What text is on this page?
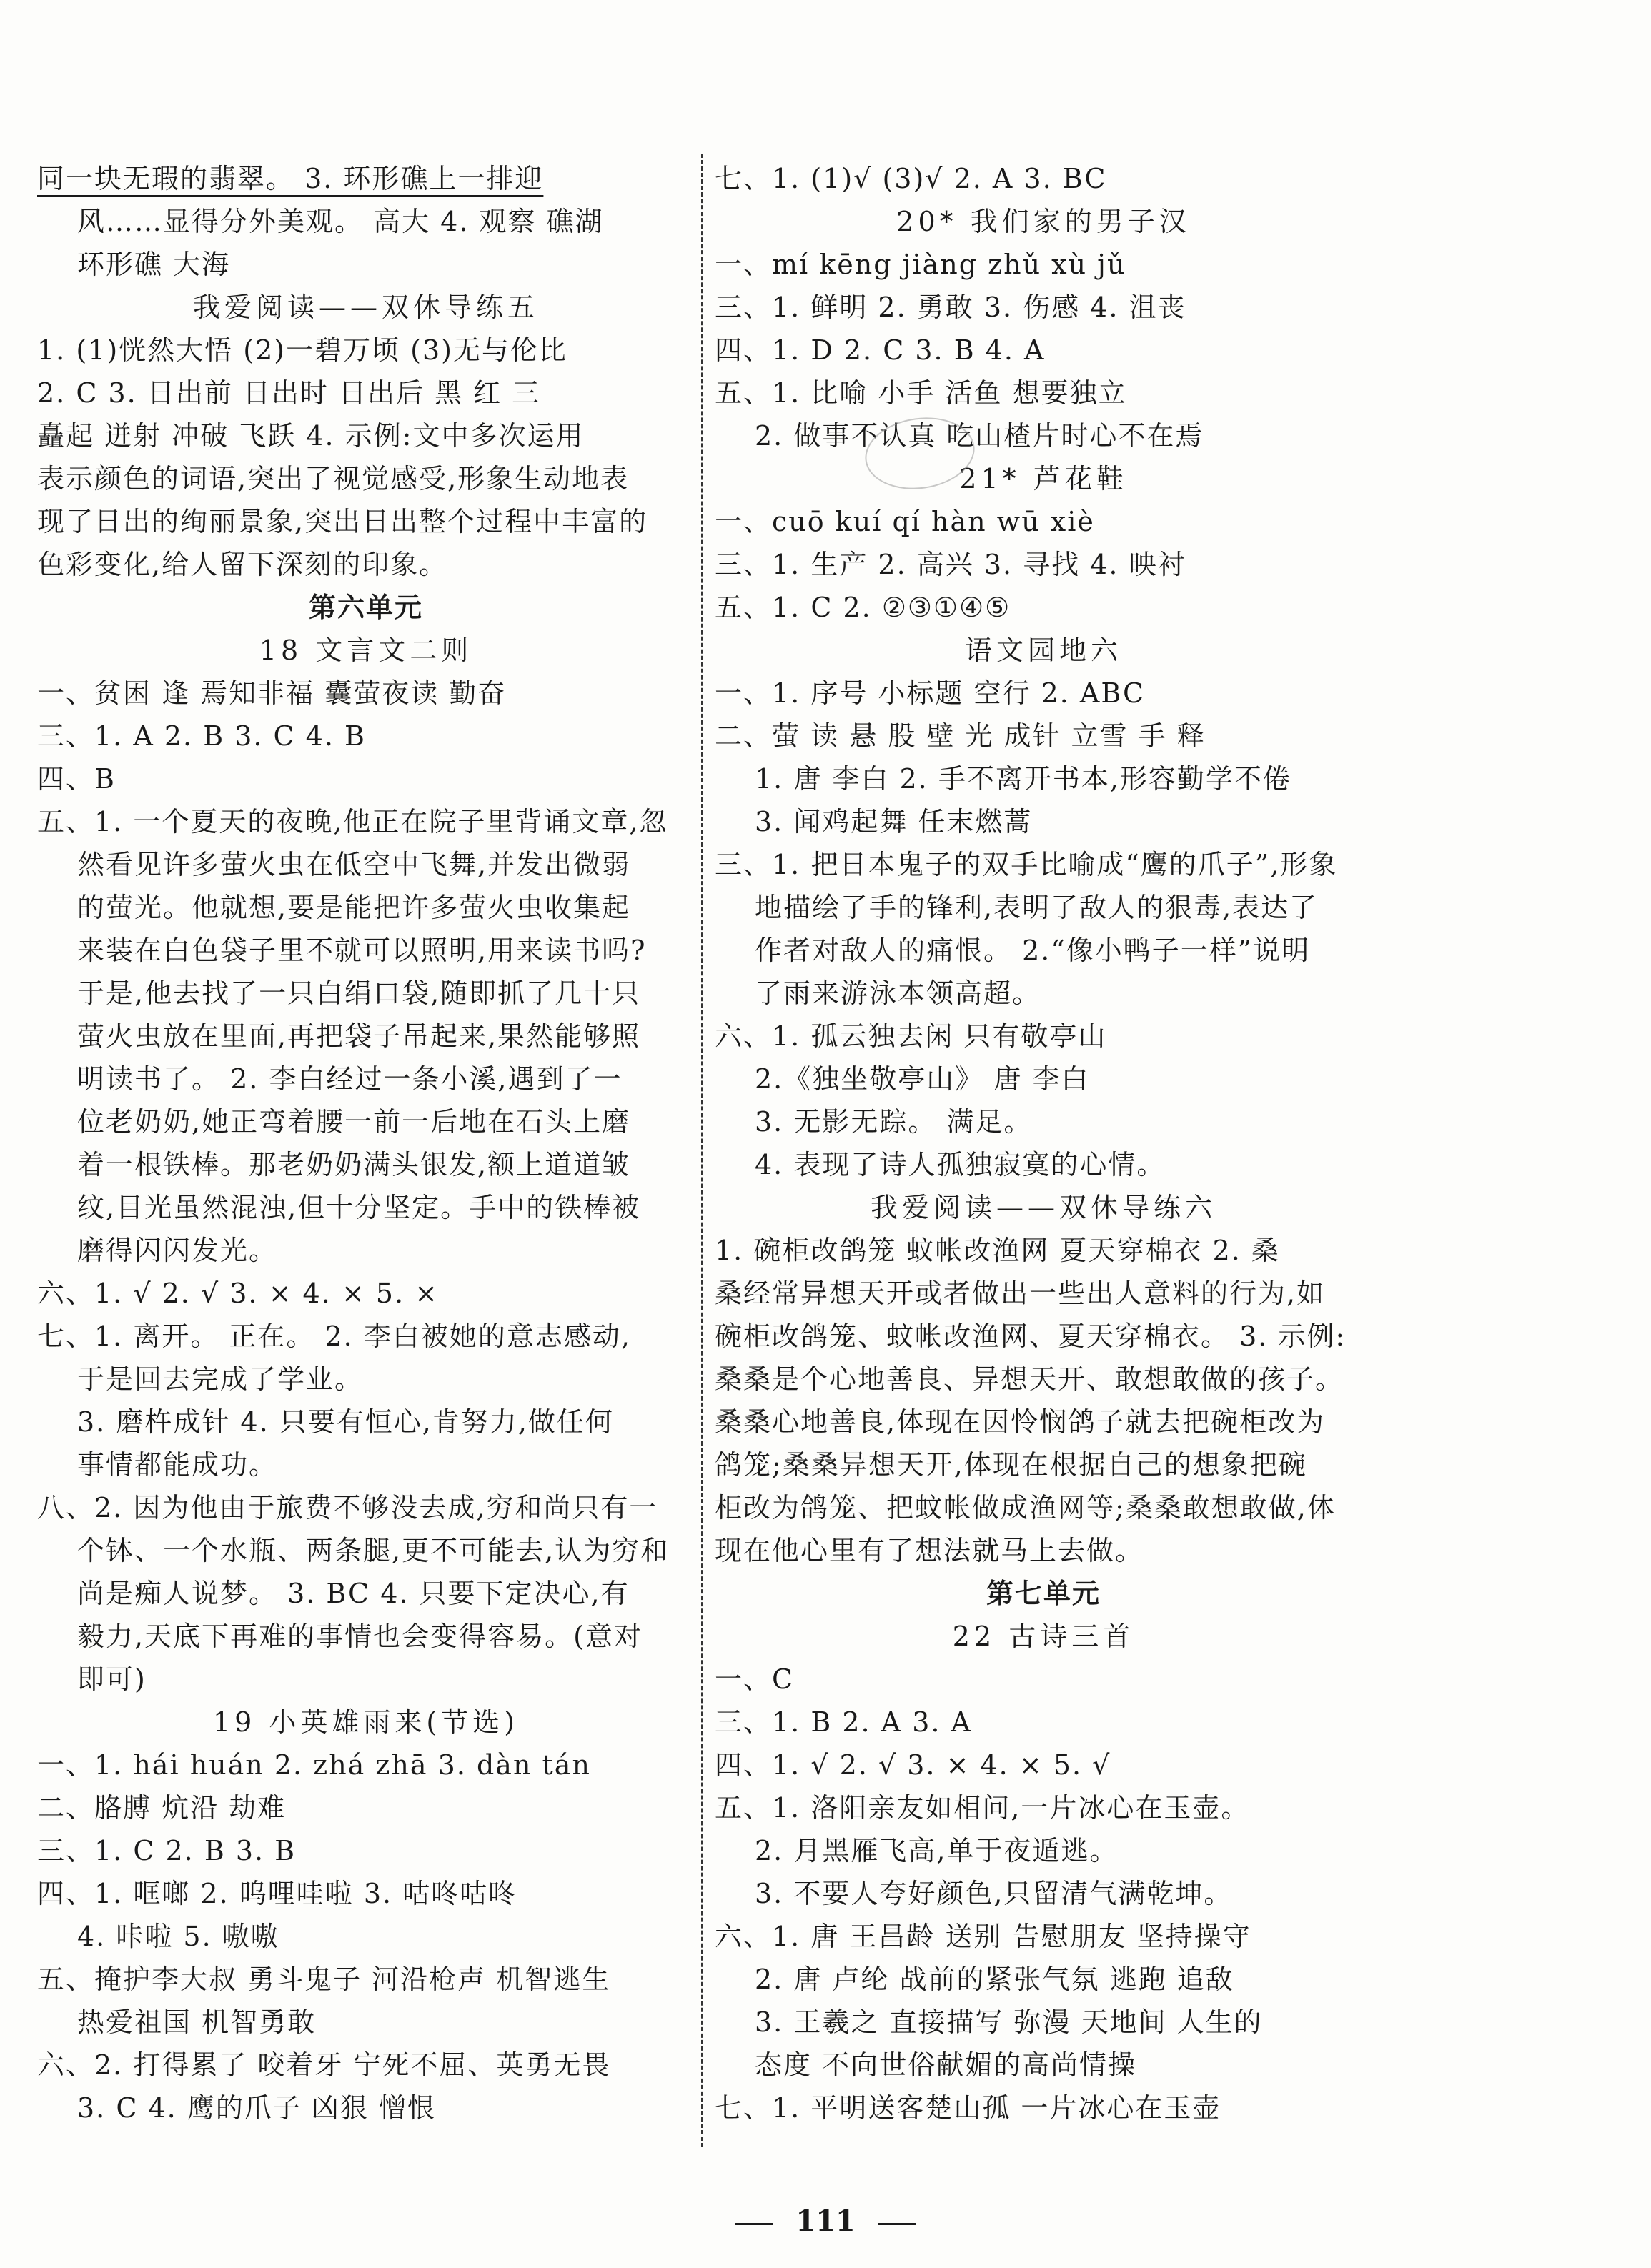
同一块无瑕的翡翠。 3. 环形礁上一排迎
风……显得分外美观。 高大 4. 观察 礁湖
环形礁 大海
我爱阅读——双休导练五
1. (1)恍然大悟 (2)一碧万顷 (3)无与伦比
2. C 3. 日出前 日出时 日出后 黑 红 三
矗起 迸射 冲破 飞跃 4. 示例:文中多次运用
表示颜色的词语,突出了视觉感受,形象生动地表
现了日出的绚丽景象,突出日出整个过程中丰富的
色彩变化,给人留下深刻的印象。
第六单元
18 文言文二则
一、贫困 逢 焉知非福 囊萤夜读 勤奋
三、1. A 2. B 3. C 4. B
四、B
五、1. 一个夏天的夜晚,他正在院子里背诵文章,忽
然看见许多萤火虫在低空中飞舞,并发出微弱
的萤光。他就想,要是能把许多萤火虫收集起
来装在白色袋子里不就可以照明,用来读书吗?
于是,他去找了一只白绢口袋,随即抓了几十只
萤火虫放在里面,再把袋子吊起来,果然能够照
明读书了。 2. 李白经过一条小溪,遇到了一
位老奶奶,她正弯着腰一前一后地在石头上磨
着一根铁棒。那老奶奶满头银发,额上道道皱
纹,目光虽然混浊,但十分坚定。手中的铁棒被
磨得闪闪发光。
六、1. √ 2. √ 3. × 4. × 5. ×
七、1. 离开。 正在。 2. 李白被她的意志感动,
于是回去完成了学业。
3. 磨杵成针 4. 只要有恒心,肯努力,做任何
事情都能成功。
八、2. 因为他由于旅费不够没去成,穷和尚只有一
个钵、一个水瓶、两条腿,更不可能去,认为穷和
尚是痴人说梦。 3. BC 4. 只要下定决心,有
毅力,天底下再难的事情也会变得容易。(意对
即可)
19 小英雄雨来(节选)
一、1. hái huán 2. zhá zhā 3. dàn tán
二、胳膊 炕沿 劫难
三、1. C 2. B 3. B
四、1. 哐啷 2. 呜哩哇啦 3. 咕咚咕咚
4. 咔啦 5. 嗷嗷
五、掩护李大叔 勇斗鬼子 河沿枪声 机智逃生
热爱祖国 机智勇敢
六、2. 打得累了 咬着牙 宁死不屈、英勇无畏
3. C 4. 鹰的爪子 凶狠 憎恨
七、1. (1)√ (3)√ 2. A 3. BC
20* 我们家的男子汉
一、mí kēng jiàng zhǔ xù jǔ
三、1. 鲜明 2. 勇敢 3. 伤感 4. 沮丧
四、1. D 2. C 3. B 4. A
五、1. 比喻 小手 活鱼 想要独立
2. 做事不认真 吃山楂片时心不在焉
21* 芦花鞋
一、cuō kuí qí hàn wū xiè
三、1. 生产 2. 高兴 3. 寻找 4. 映衬
五、1. C 2. ②③①④⑤
语文园地六
一、1. 序号 小标题 空行 2. ABC
二、萤 读 悬 股 壁 光 成针 立雪 手 释
1. 唐 李白 2. 手不离开书本,形容勤学不倦
3. 闻鸡起舞 任末燃蒿
三、1. 把日本鬼子的双手比喻成“鹰的爪子”,形象
地描绘了手的锋利,表明了敌人的狠毒,表达了
作者对敌人的痛恨。 2.“像小鸭子一样”说明
了雨来游泳本领高超。
六、1. 孤云独去闲 只有敬亭山
2.《独坐敬亭山》 唐 李白
3. 无影无踪。 满足。
4. 表现了诗人孤独寂寞的心情。
我爱阅读——双休导练六
1. 碗柜改鸽笼 蚊帐改渔网 夏天穿棉衣 2. 桑
桑经常异想天开或者做出一些出人意料的行为,如
碗柜改鸽笼、蚊帐改渔网、夏天穿棉衣。 3. 示例:
桑桑是个心地善良、异想天开、敢想敢做的孩子。
桑桑心地善良,体现在因怜悯鸽子就去把碗柜改为
鸽笼;桑桑异想天开,体现在根据自己的想象把碗
柜改为鸽笼、把蚊帐做成渔网等;桑桑敢想敢做,体
现在他心里有了想法就马上去做。
第七单元
22 古诗三首
一、C
三、1. B 2. A 3. A
四、1. √ 2. √ 3. × 4. × 5. √
五、1. 洛阳亲友如相问,一片冰心在玉壶。
2. 月黑雁飞高,单于夜遁逃。
3. 不要人夸好颜色,只留清气满乾坤。
六、1. 唐 王昌龄 送别 告慰朋友 坚持操守
2. 唐 卢纶 战前的紧张气氛 逃跑 追敌
3. 王羲之 直接描写 弥漫 天地间 人生的
态度 不向世俗献媚的高尚情操
七、1. 平明送客楚山孤 一片冰心在玉壶
111
